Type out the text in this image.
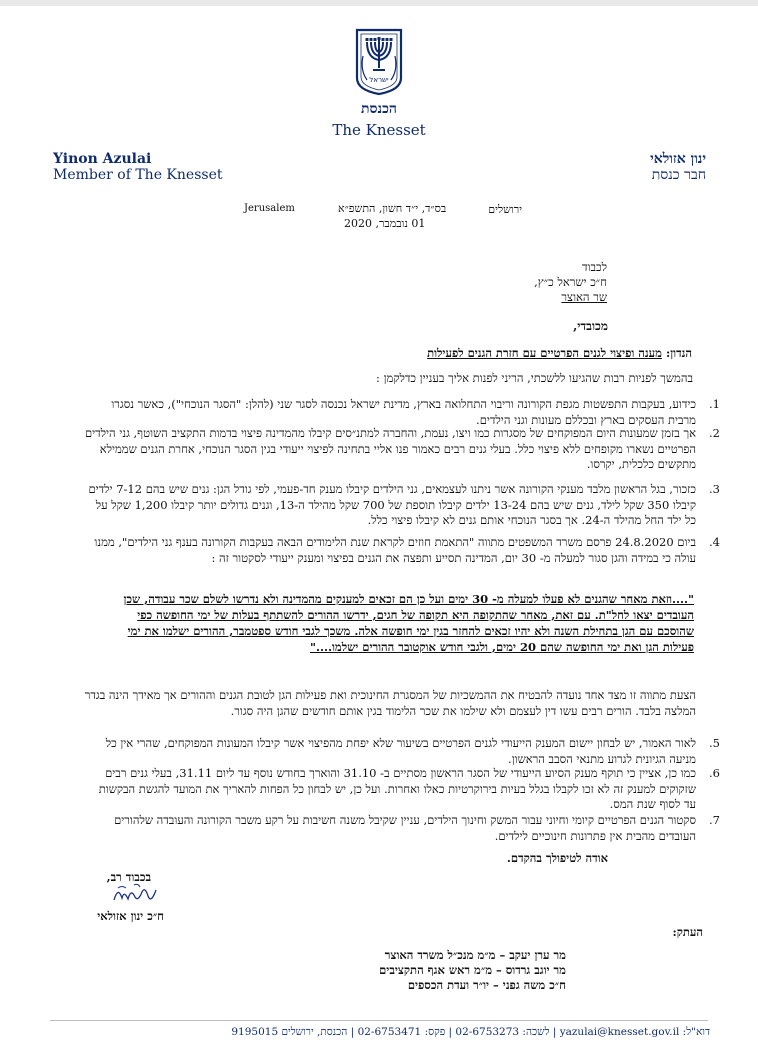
ישראל
הכנסת
The Knesset
Yinon Azulai
Member of The Knesset
ינון אזולאי
חבר כנסת
Jerusalem	ירושלים
בס״ד, י״ד חשון, התשפ״א
01 נובמבר, 2020
לכבוד
ח״כ ישראל כ״ץ,
שר האוצר
מכובדי,
הנדון: מענה ופיצוי לגנים הפרטיים עם חזרת הגנים לפעילות
בהמשך לפניות רבות שהגיעו ללשכתי, הריני לפנות אליך בעניין כדלקמן :
1.
כידוע, בעקבות התפשטות מגפת הקורונה וריבוי התחלואה בארץ, מדינת ישראל נכנסה לסגר שני (להלן: "הסגר הנוכחי"), כאשר נסגרו מרבית העסקים בארץ ובכללם מעונות וגני הילדים.
2.
אך בזמן שמעונות היום המפוקחים של מסגרות כמו ויצו, נעמת, והחברה למתנ״סים קיבלו מהמדינה פיצוי בדמות התקציב השוטף, גני הילדים הפרטיים נשארו מקופחים ללא פיצוי כלל. בעלי גנים רבים כאמור פנו אליי בתחינה לפיצוי ייעודי בגין הסגר הנוכחי, אחרת הגנים שממילא מתקשים כלכלית, יקרסו.
3.
כזכור, בגל הראשון מלבד מענקי הקורונה אשר ניתנו לעצמאים, גני הילדים קיבלו מענק חד-פעמי, לפי גודל הגן: גנים שיש בהם 7-12 ילדים קיבלו 350 שקל לילד, גנים שיש בהם 13-24 ילדים קיבלו תוספת של 700 שקל מהילד ה-13, וגנים גדולים יותר קיבלו 1,200 שקל על כל ילד החל מהילד ה-24. אך בסגר הנוכחי אותם גנים לא קיבלו פיצוי כלל.
4.
ביום 24.8.2020 פרסם משרד המשפטים מתווה "התאמת חוזים לקראת שנת הלימודים הבאה בעקבות הקורונה בענף גני הילדים", ממנו עולה כי במידה והגן סגור למעלה מ- 30 יום, המדינה תסייע ותפצה את הגנים בפיצוי ומענק ייעודי לסקטור זה :
"....וזאת מאחר שהגנים לא פעלו למעלה מ- 30 ימים ועל כן הם זכאים למענקים מהמדינה ולא נדרשו לשלם שכר עבודה, שכן העובדים יצאו לחל"ת. עם זאת, מאחר שהתקופה היא תקופה של חגים, ידרשו ההורים להשתתף בעלות של ימי החופשה כפי שהוסכם עם הגן בתחילת השנה ולא יהיו זכאים להחזר בגין ימי חופשה אלה. משכך לגבי חודש ספטמבר, ההורים ישלמו את ימי פעילות הגן ואת ימי החופשה שהם 20 ימים, ולגבי חודש אוקטובר ההורים ישלמו...."
הצעת מתווה זו מצד אחד נועדה להבטיח את ההמשכיות של המסגרת החינוכית ואת פעילות הגן לטובת הגנים וההורים אך מאידך הינה בגדר המלצה בלבד. הורים רבים עשו דין לעצמם ולא שילמו את שכר הלימוד בגין אותם חודשים שהגן היה סגור.
5.
לאור האמור, יש לבחון יישום המענק הייעודי לגנים הפרטיים בשיעור שלא יפחת מהפיצוי אשר קיבלו המעונות המפוקחים, שהרי אין כל מניעה הגיונית לגרוע מתנאי הסבב הראשון.
6.
כמו כן, אציין כי תוקף מענק הסיוע הייעודי של הסגר הראשון מסתיים ב- 31.10 והוארך בחודש נוסף עד ליום 31.11, בעלי גנים רבים שזקוקים למענק זה לא זכו לקבלו בגלל בעיות בירוקרטיות כאלו ואחרות. ועל כן, יש לבחון כל הפחות להאריך את המועד להגשת הבקשות עד לסוף שנת המס.
7.
סקטור הגנים הפרטיים קיומי וחיוני עבור המשק וחינוך הילדים, עניין שקיבל משנה חשיבות על רקע משבר הקורונה והעובדה שלהורים העובדים מהבית אין פתרונות חינוכיים לילדים.
אודה לטיפולך בהקדם.
בכבוד רב,
ח״כ ינון אזולאי
העתק:
מר ערן יעקב – מ״מ מנכ״ל משרד האוצר
מר יוגב גרדוס – מ״מ ראש אגף התקציבים
ח״כ משה גפני – יו״ר ועדת הכספים
דוא"ל: yazulai@knesset.gov.il | לשכה: 02-6753273 | פקס: 02-6753471 | הכנסת, ירושלים 9195015
